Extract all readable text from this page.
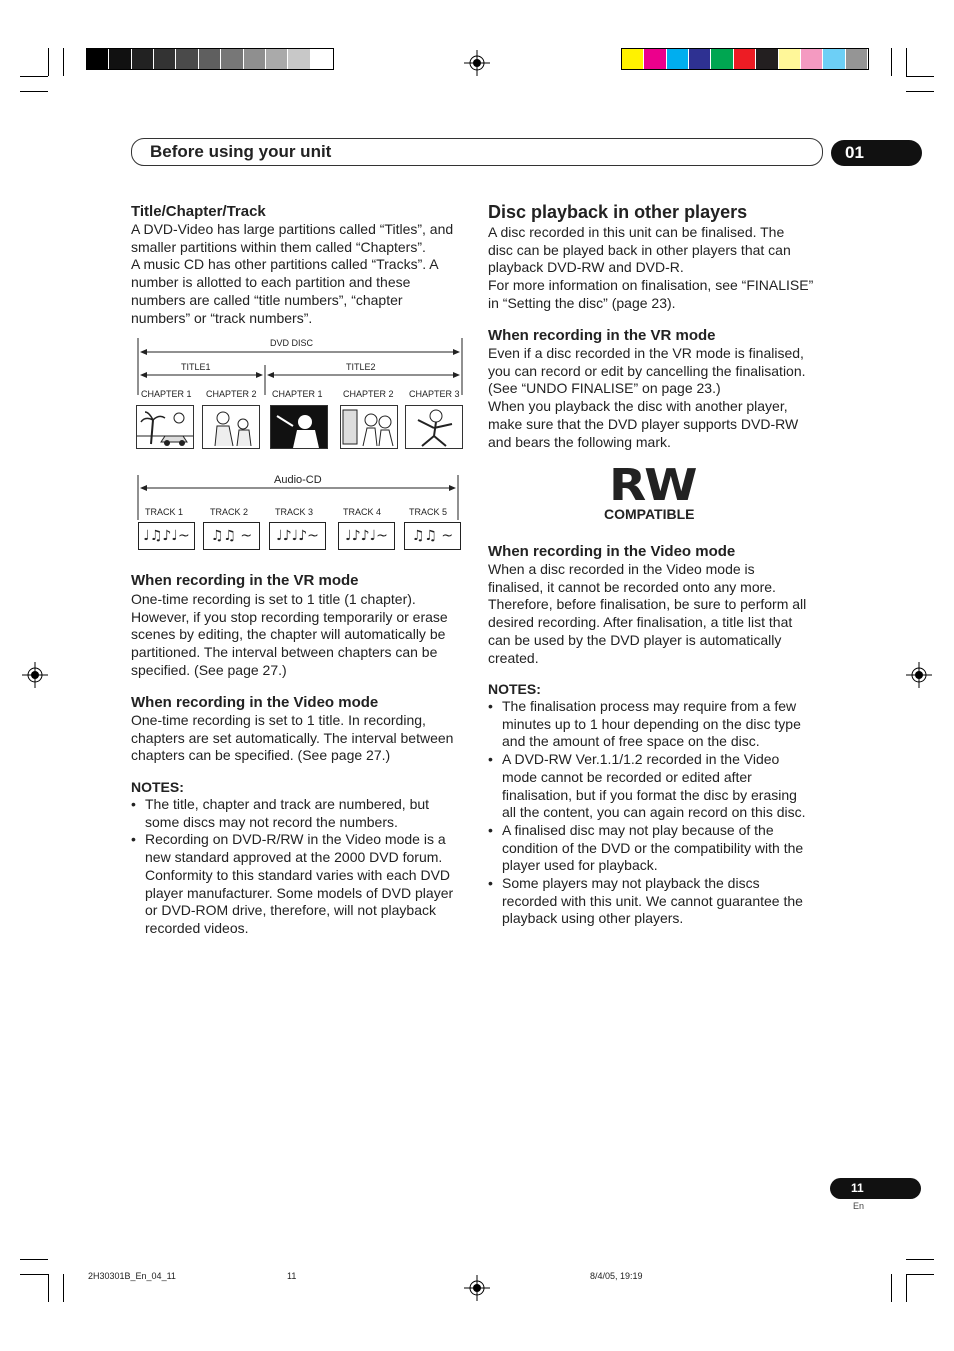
Before using your unit	01
Title/Chapter/Track
A DVD-Video has large partitions called “Titles”, and
smaller partitions within them called “Chapters”.
A music CD has other partitions called “Tracks”. A
number is allotted to each partition and these
numbers are called “title numbers”, “chapter
numbers” or “track numbers”.
DVD DISC
TITLE1	TITLE2
CHAPTER 1 CHAPTER 2 CHAPTER 1 CHAPTER 2 CHAPTER 3
Audio-CD
TRACK 1	TRACK 2	TRACK 3	TRACK 4	TRACK 5
♩♫♪♩~	♫♫ ~	♩♪♩♪~	♩♪♪♩~	♫♫ ~
When recording in the VR mode
One-time recording is set to 1 title (1 chapter).
However, if you stop recording temporarily or erase
scenes by editing, the chapter will automatically be
partitioned. The interval between chapters can be
specified. (See page 27.)
When recording in the Video mode
One-time recording is set to 1 title. In recording,
chapters are set automatically. The interval between
chapters can be specified. (See page 27.)
NOTES:
• The title, chapter and track are numbered, but
some discs may not record the numbers.
• Recording on DVD-R/RW in the Video mode is a
new standard approved at the 2000 DVD forum.
Conformity to this standard varies with each DVD
player manufacturer. Some models of DVD player
or DVD-ROM drive, therefore, will not playback
recorded videos.
Disc playback in other players
A disc recorded in this unit can be finalised. The
disc can be played back in other players that can
playback DVD-RW and DVD-R.
For more information on finalisation, see “FINALISE”
in “Setting the disc” (page 23).
When recording in the VR mode
Even if a disc recorded in the VR mode is finalised,
you can record or edit by cancelling the finalisation.
(See “UNDO FINALISE” on page 23.)
When you playback the disc with another player,
make sure that the DVD player supports DVD-RW
and bears the following mark.
RW
COMPATIBLE
When recording in the Video mode
When a disc recorded in the Video mode is
finalised, it cannot be recorded onto any more.
Therefore, before finalisation, be sure to perform all
desired recording. After finalisation, a title list that
can be used by the DVD player is automatically
created.
NOTES:
• The finalisation process may require from a few
minutes up to 1 hour depending on the disc type
and the amount of free space on the disc.
• A DVD-RW Ver.1.1/1.2 recorded in the Video
mode cannot be recorded or edited after
finalisation, but if you format the disc by erasing
all the content, you can again record on this disc.
• A finalised disc may not play because of the
condition of the DVD or the compatibility with the
player used for playback.
• Some players may not playback the discs
recorded with this unit. We cannot guarantee the
playback using other players.
11
En
2H30301B_En_04_11	11	8/4/05, 19:19
